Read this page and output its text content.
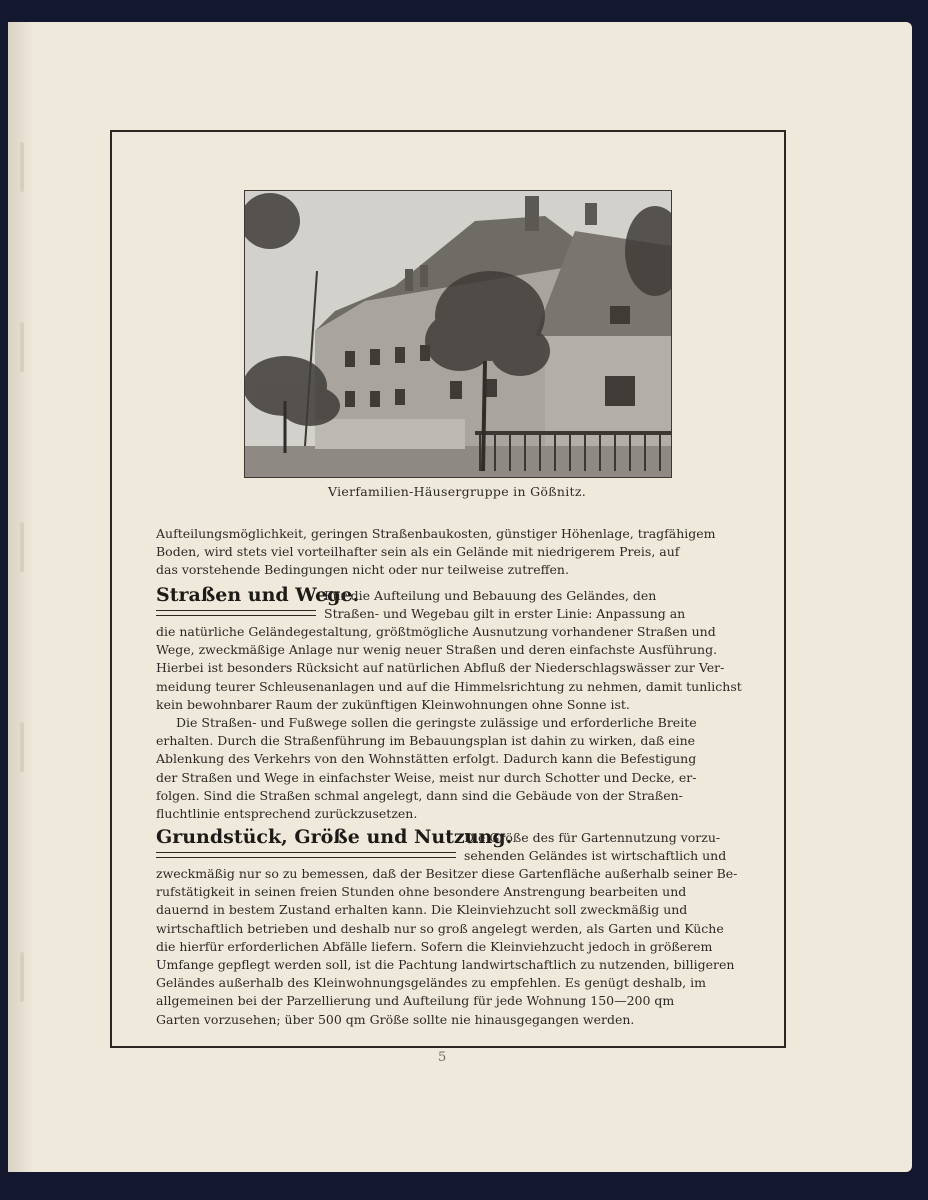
Vierfamilien-Häusergruppe in Gößnitz.
Aufteilungsmöglichkeit, geringen Straßenbaukosten, günstiger Höhenlage, tragfähigem
Boden, wird stets viel vorteilhafter sein als ein Gelände mit niedrigerem Preis, auf
das vorstehende Bedingungen nicht oder nur teilweise zutreffen.
Straßen und Wege.
Für die Aufteilung und Bebauung des Geländes, den
Straßen- und Wegebau gilt in erster Linie: Anpassung an
die natürliche Geländegestaltung, größtmögliche Ausnutzung vorhandener Straßen und
Wege, zweckmäßige Anlage nur wenig neuer Straßen und deren einfachste Ausführung.
Hierbei ist besonders Rücksicht auf natürlichen Abfluß der Niederschlagswässer zur Ver-
meidung teurer Schleusenanlagen und auf die Himmelsrichtung zu nehmen, damit tunlichst
kein bewohnbarer Raum der zukünftigen Kleinwohnungen ohne Sonne ist.
Die Straßen- und Fußwege sollen die geringste zulässige und erforderliche Breite
erhalten. Durch die Straßenführung im Bebauungsplan ist dahin zu wirken, daß eine
Ablenkung des Verkehrs von den Wohnstätten erfolgt. Dadurch kann die Befestigung
der Straßen und Wege in einfachster Weise, meist nur durch Schotter und Decke, er-
folgen. Sind die Straßen schmal angelegt, dann sind die Gebäude von der Straßen-
fluchtlinie entsprechend zurückzusetzen.
Grundstück, Größe und Nutzung.
Die Größe des für Gartennutzung vorzu-
sehenden Geländes ist wirtschaftlich und
zweckmäßig nur so zu bemessen, daß der Besitzer diese Gartenfläche außerhalb seiner Be-
rufstätigkeit in seinen freien Stunden ohne besondere Anstrengung bearbeiten und
dauernd in bestem Zustand erhalten kann. Die Kleinviehzucht soll zweckmäßig und
wirtschaftlich betrieben und deshalb nur so groß angelegt werden, als Garten und Küche
die hierfür erforderlichen Abfälle liefern. Sofern die Kleinviehzucht jedoch in größerem
Umfange gepflegt werden soll, ist die Pachtung landwirtschaftlich zu nutzenden, billigeren
Geländes außerhalb des Kleinwohnungsgeländes zu empfehlen. Es genügt deshalb, im
allgemeinen bei der Parzellierung und Aufteilung für jede Wohnung 150—200 qm
Garten vorzusehen; über 500 qm Größe sollte nie hinausgegangen werden.
5
